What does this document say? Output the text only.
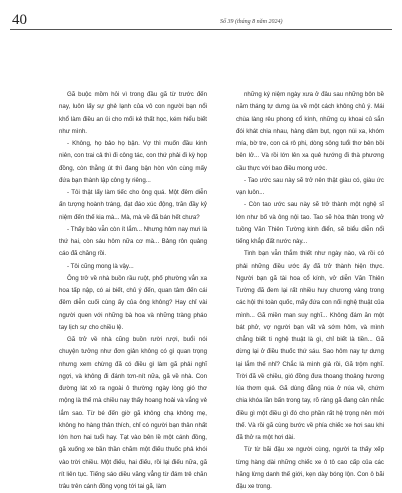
40	Số 39 (tháng 8 năm 2024)

Gã buộc mồm hỏi vì trong đầu gã từ trước đến nay, luôn lấy sự ghẻ lạnh của vô con người bạn nổi khổ làm điều an ủi cho mối kẻ thất học, kém hiểu biết như mình.

- Không, họ bảo họ bận. Vợ thì muốn đầu kinh niên, con trai cả thì đi công tác, con thứ phải đi kỳ họp đồng, còn thằng út thì đang bận hòn vôn cùng mấy đứa bạn thành lập công ty riêng...

- Tôi thật lấy làm tiếc cho ông quá. Một đêm diễn ấn tượng hoành tráng, đạt đáo xúc động, trăn đầy kỷ niệm đến thế kia mà... Mà, mà về đã bán hết chưa?

- Thấy bảo vẫn còn ít lắm... Nhưng hôm nay mưi là thứ hai, còn sáu hôm nữa cơ mà... Bảng rôn quảng cáo đã chăng rồi.

- Tôi cũng mong là vậy...

Ông trở về nhà buồn rầu ruột, phố phường vắn xa hoa tấp nập, có ai biết, chủ ý đến, quan tâm đến cái đêm diễn cuối cùng ấy của ông không? Hay chỉ vài người quen với những bà hoa và những tràng pháo tay lịch sự cho chiều lệ.

Gã trở về nhà cũng buồn rười rượi, buổi nói chuyện tưởng như đơn giản không có gì quan trọng nhưng xem chừng đã có điều gì làm gã phải nghĩ ngợi, và không đi đánh tơn-nít nữa, gã về nhà. Con đường lát xô ra ngoài ô thường ngày lòng gió thơ mộng là thế mà chiều nay thấy hoang hoải và vắng vẻ lắm sao. Từ bé đến giờ gã không chạ không mẹ, không ho hàng thân thích, chỉ có người bạn thân nhất lớn hơn hai tuổi hay. Tạt vào bên lề một cánh đồng, gã xuống xe bần thần chăm một điếu thuốc phả khói vào trời chiều. Một điếu, hai điếu, rồi lại điếu nữa, gã rít liên tục. Tiếng sáo diều văng vẳng từ đám trẻ chăn trâu trên cánh đồng vọng tới tai gã, làm

những ký niệm ngày xưa ở đâu sau những bôn bề năm tháng tự dưng ùa về một cách không chủ ý. Mái chùa làng rêu phong cổ kính, những cụ khoai củ sắn đói khát chia nhau, hàng dâm bụt, ngọn núi xa, khóm mía, bờ tre, con cá rô phi, dòng sông tuổi thơ bên bồi bên lở... Và rồi lớn lên xa quê hướng đi thà phương cầu thực với bao điều mong ước.

- Tao ước sau này sẽ trở nên thật giàu có, giàu ức vạn luôn...

- Còn tao ước sau này sẽ trở thành một nghệ sĩ lớn như bố và ông nội tao. Tao sẽ hòa thân trong vở tuồng Văn Thiên Tường kinh điển, sẽ biểu diễn nổi tiếng khắp đất nước này...

Tinh bạn vẫn thắm thiết như ngày nào, và rồi có phải những điều ước ấy đã trở thành hiện thực. Người bạn gã tài hoa cổ kính, vở diễn Văn Thiên Tường đã đem lại rất nhiều huy chương vàng trong các hội thi toàn quốc, mấy đứa con nối nghệ thuật của mình... Gã miền man suy nghĩ... Không đám ăn một bát phở, vợ người bạn vất vả sớm hôm, và mình chẳng biết ti nghệ thuật là gì, chỉ biết là tiền... Gã dừng lại ở điều thuốc thứ sáu. Sao hôm nay tự dưng lại lắm thế nhỉ? Chắc là mình giả rồi, Gã trộm nghĩ. Trời đã về chiều, gió đồng đưa thoang thoảng hương lúa thơm quá. Gã dùng đằng núa ở núa về, chứm chia khóa lần bấn trong tay, rõ ràng gã đang cân nhắc điều gì một điều gì đó cho phần rất hệ trọng nên mới thế. Và rồi gã cùng bước về phía chiếc xe hơi sau khi đã thở ra một hơi dài.

Từ từ bãi đậu xe người cùng, người ta thấy xếp từng hàng dài những chiếc xe ô tô cao cấp của các hãng lừng danh thế giới, kẹn dày bóng lộn. Con ô bãi đậu xe trong.
